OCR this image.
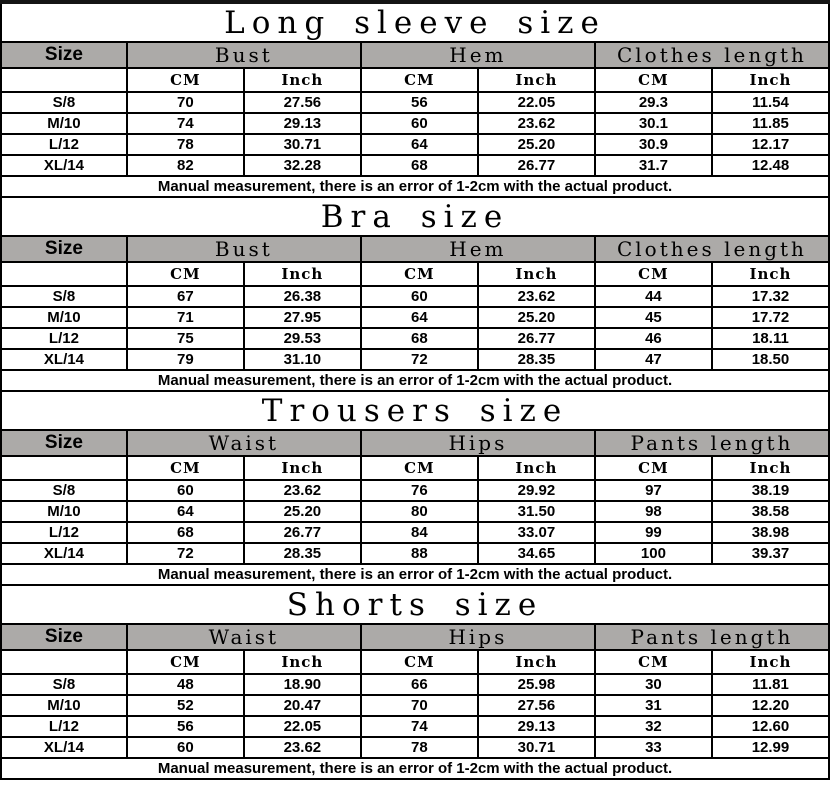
Long sleeve size
Size	Bust		Hem		Clothes length	
	CM	Inch	CM	Inch	CM	Inch
S/8	70	27.56	56	22.05	29.3	11.54
M/10	74	29.13	60	23.62	30.1	11.85
L/12	78	30.71	64	25.20	30.9	12.17
XL/14	82	32.28	68	26.77	31.7	12.48
Manual measurement, there is an error of 1-2cm with the actual product.						
Bra size
Size	Bust		Hem		Clothes length	
	CM	Inch	CM	Inch	CM	Inch
S/8	67	26.38	60	23.62	44	17.32
M/10	71	27.95	64	25.20	45	17.72
L/12	75	29.53	68	26.77	46	18.11
XL/14	79	31.10	72	28.35	47	18.50
Manual measurement, there is an error of 1-2cm with the actual product.						
Trousers size
Size	Waist		Hips		Pants length	
	CM	Inch	CM	Inch	CM	Inch
S/8	60	23.62	76	29.92	97	38.19
M/10	64	25.20	80	31.50	98	38.58
L/12	68	26.77	84	33.07	99	38.98
XL/14	72	28.35	88	34.65	100	39.37
Manual measurement, there is an error of 1-2cm with the actual product.						
Shorts size
Size	Waist		Hips		Pants length	
	CM	Inch	CM	Inch	CM	Inch
S/8	48	18.90	66	25.98	30	11.81
M/10	52	20.47	70	27.56	31	12.20
L/12	56	22.05	74	29.13	32	12.60
XL/14	60	23.62	78	30.71	33	12.99
Manual measurement, there is an error of 1-2cm with the actual product.						
